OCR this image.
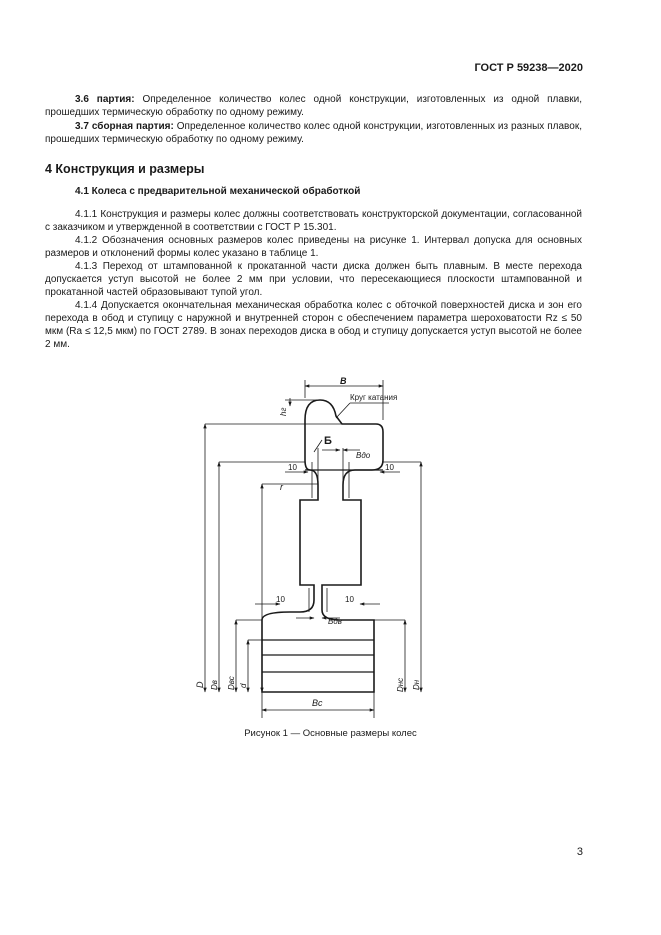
ГОСТ Р 59238—2020

3.6 партия: Определенное количество колес одной конструкции, изготовленных из одной плавки, прошедших термическую обработку по одному режиму.

3.7 сборная партия: Определенное количество колес одной конструкции, изготовленных из разных плавок, прошедших термическую обработку по одному режиму.

4 Конструкция и размеры
4.1 Колеса с предварительной механической обработкой

4.1.1 Конструкция и размеры колес должны соответствовать конструкторской документации, согласованной с заказчиком и утвержденной в соответствии с ГОСТ Р 15.301.

4.1.2 Обозначения основных размеров колес приведены на рисунке 1. Интервал допуска для основных размеров и отклонений формы колес указано в таблице 1.

4.1.3 Переход от штампованной к прокатанной части диска должен быть плавным. В месте перехода допускается уступ высотой не более 2 мм при условии, что пересекающиеся плоскости штампованной и прокатанной частей образовывают тупой угол.

4.1.4 Допускается окончательная механическая обработка колес с обточкой поверхностей диска и зон его перехода в обод и ступицу с наружной и внутренней сторон с обеспечением параметра шероховатости Rz ≤ 50 мкм (Ra ≤ 12,5 мкм) по ГОСТ 2789. В зонах переходов диска в обод и ступицу допускается уступ высотой не более 2 мм.

B
Круг катания
hг
Б
Вдо
10	10
r
10	10
Вдв
D Dв Dвс d	Dнс Dн
Вс
Рисунок 1 — Основные размеры колес
3
